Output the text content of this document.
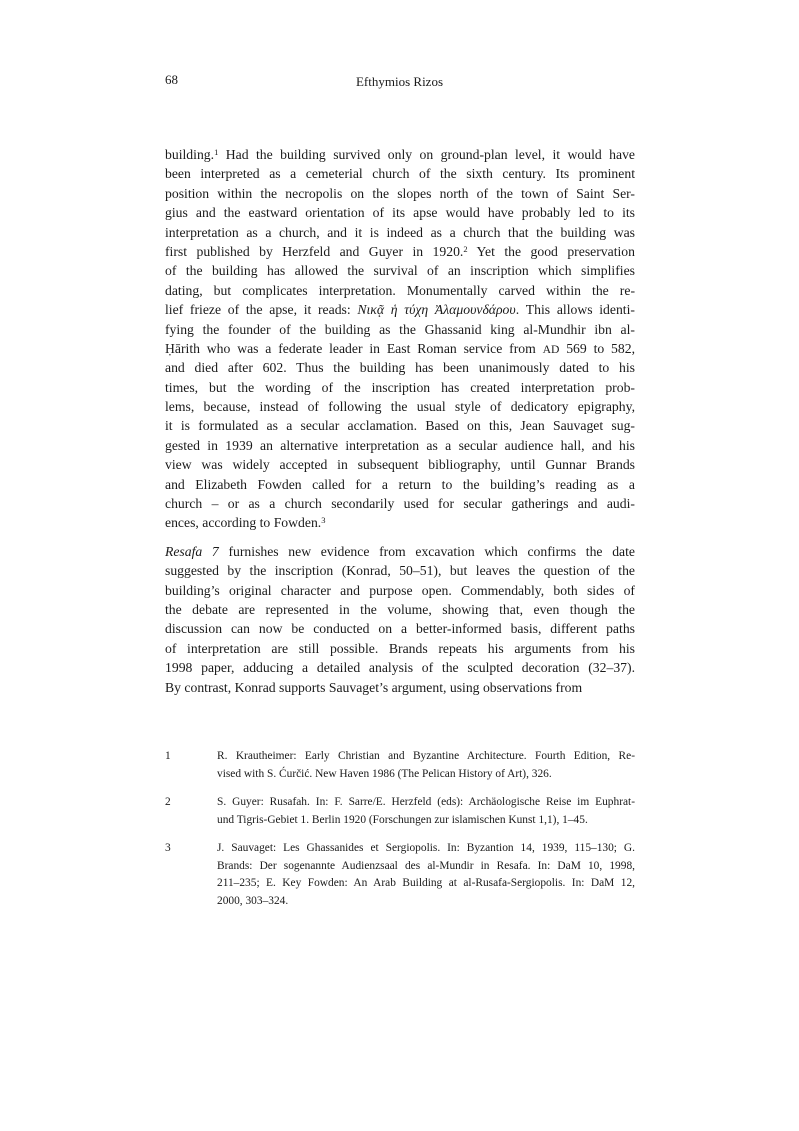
68	Efthymios Rizos
building.$^1$ Had the building survived only on ground-plan level, it would have
been interpreted as a cemeterial church of the sixth century. Its prominent
position within the necropolis on the slopes north of the town of Saint Ser-
gius and the eastward orientation of its apse would have probably led to its
interpretation as a church, and it is indeed as a church that the building was
first published by Herzfeld and Guyer in 1920.$^2$ Yet the good preservation
of the building has allowed the survival of an inscription which simplifies
dating, but complicates interpretation. Monumentally carved within the re-
lief frieze of the apse, it reads: Νικᾷ ἡ τύχη Ἀλαμουνδάρου. This allows identi-
fying the founder of the building as the Ghassanid king al-Mundhir ibn al-
Ḥārith who was a federate leader in East Roman service from AD 569 to 582,
and died after 602. Thus the building has been unanimously dated to his
times, but the wording of the inscription has created interpretation prob-
lems, because, instead of following the usual style of dedicatory epigraphy,
it is formulated as a secular acclamation. Based on this, Jean Sauvaget sug-
gested in 1939 an alternative interpretation as a secular audience hall, and his
view was widely accepted in subsequent bibliography, until Gunnar Brands
and Elizabeth Fowden called for a return to the building’s reading as a
church – or as a church secondarily used for secular gatherings and audi-
ences, according to Fowden.$^3$
Resafa 7 furnishes new evidence from excavation which confirms the date
suggested by the inscription (Konrad, 50–51), but leaves the question of the
building’s original character and purpose open. Commendably, both sides of
the debate are represented in the volume, showing that, even though the
discussion can now be conducted on a better-informed basis, different paths
of interpretation are still possible. Brands repeats his arguments from his
1998 paper, adducing a detailed analysis of the sculpted decoration (32–37).
By contrast, Konrad supports Sauvaget’s argument, using observations from
1	R. Krautheimer: Early Christian and Byzantine Architecture. Fourth Edition, Re-
vised with S. Ćurčić. New Haven 1986 (The Pelican History of Art), 326.
2	S. Guyer: Rusafah. In: F. Sarre/E. Herzfeld (eds): Archäologische Reise im Euphrat-
und Tigris-Gebiet 1. Berlin 1920 (Forschungen zur islamischen Kunst 1,1), 1–45.
3	J. Sauvaget: Les Ghassanides et Sergiopolis. In: Byzantion 14, 1939, 115–130; G.
Brands: Der sogenannte Audienzsaal des al-Mundir in Resafa. In: DaM 10, 1998,
211–235; E. Key Fowden: An Arab Building at al-Rusafa-Sergiopolis. In: DaM 12,
2000, 303–324.
